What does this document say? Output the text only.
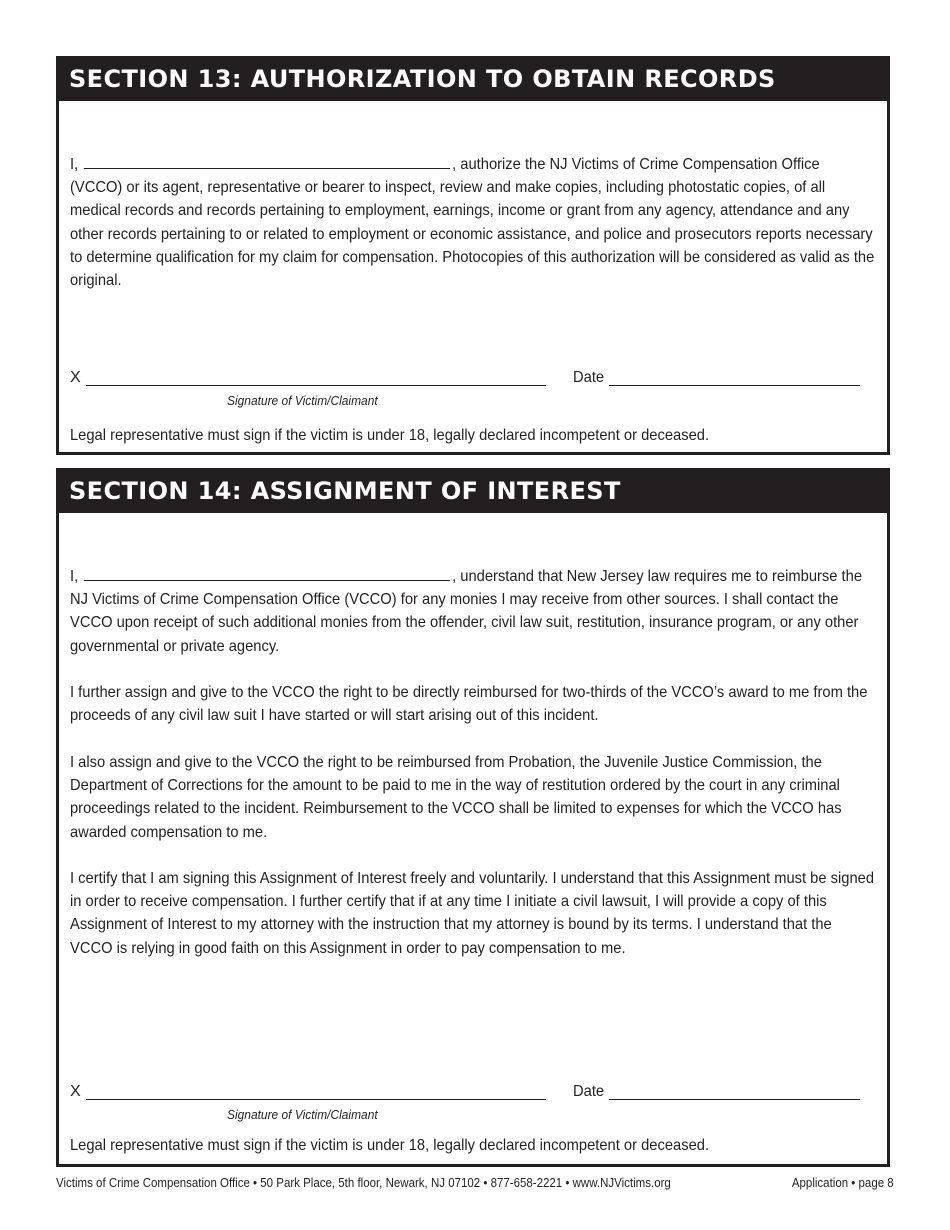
SECTION 13: AUTHORIZATION TO OBTAIN RECORDS

I,	, authorize the NJ Victims of Crime Compensation Office (VCCO) or its agent, representative or bearer to inspect, review and make copies, including photostatic copies, of all medical records and records pertaining to employment, earnings, income or grant from any agency, attendance and any other records pertaining to or related to employment or economic assistance, and police and prosecutors reports necessary to determine qualification for my claim for compensation. Photocopies of this authorization will be considered as valid as the original.

X
Signature of Victim/Claimant
Date
Legal representative must sign if the victim is under 18, legally declared incompetent or deceased.
SECTION 14: ASSIGNMENT OF INTEREST

I,	, understand that New Jersey law requires me to reimburse the NJ Victims of Crime Compensation Office (VCCO) for any monies I may receive from other sources. I shall contact the VCCO upon receipt of such additional monies from the offender, civil law suit, restitution, insurance program, or any other governmental or private agency.

I further assign and give to the VCCO the right to be directly reimbursed for two-thirds of the VCCO’s award to me from the proceeds of any civil law suit I have started or will start arising out of this incident.

I also assign and give to the VCCO the right to be reimbursed from Probation, the Juvenile Justice Commission, the Department of Corrections for the amount to be paid to me in the way of restitution ordered by the court in any criminal proceedings related to the incident. Reimbursement to the VCCO shall be limited to expenses for which the VCCO has awarded compensation to me.

I certify that I am signing this Assignment of Interest freely and voluntarily. I understand that this Assignment must be signed in order to receive compensation. I further certify that if at any time I initiate a civil lawsuit, I will provide a copy of this Assignment of Interest to my attorney with the instruction that my attorney is bound by its terms. I understand that the VCCO is relying in good faith on this Assignment in order to pay compensation to me.

X
Signature of Victim/Claimant
Date
Legal representative must sign if the victim is under 18, legally declared incompetent or deceased.
Victims of Crime Compensation Office • 50 Park Place, 5th floor, Newark, NJ 07102 • 877-658-2221 • www.NJVictims.org	Application • page 8
